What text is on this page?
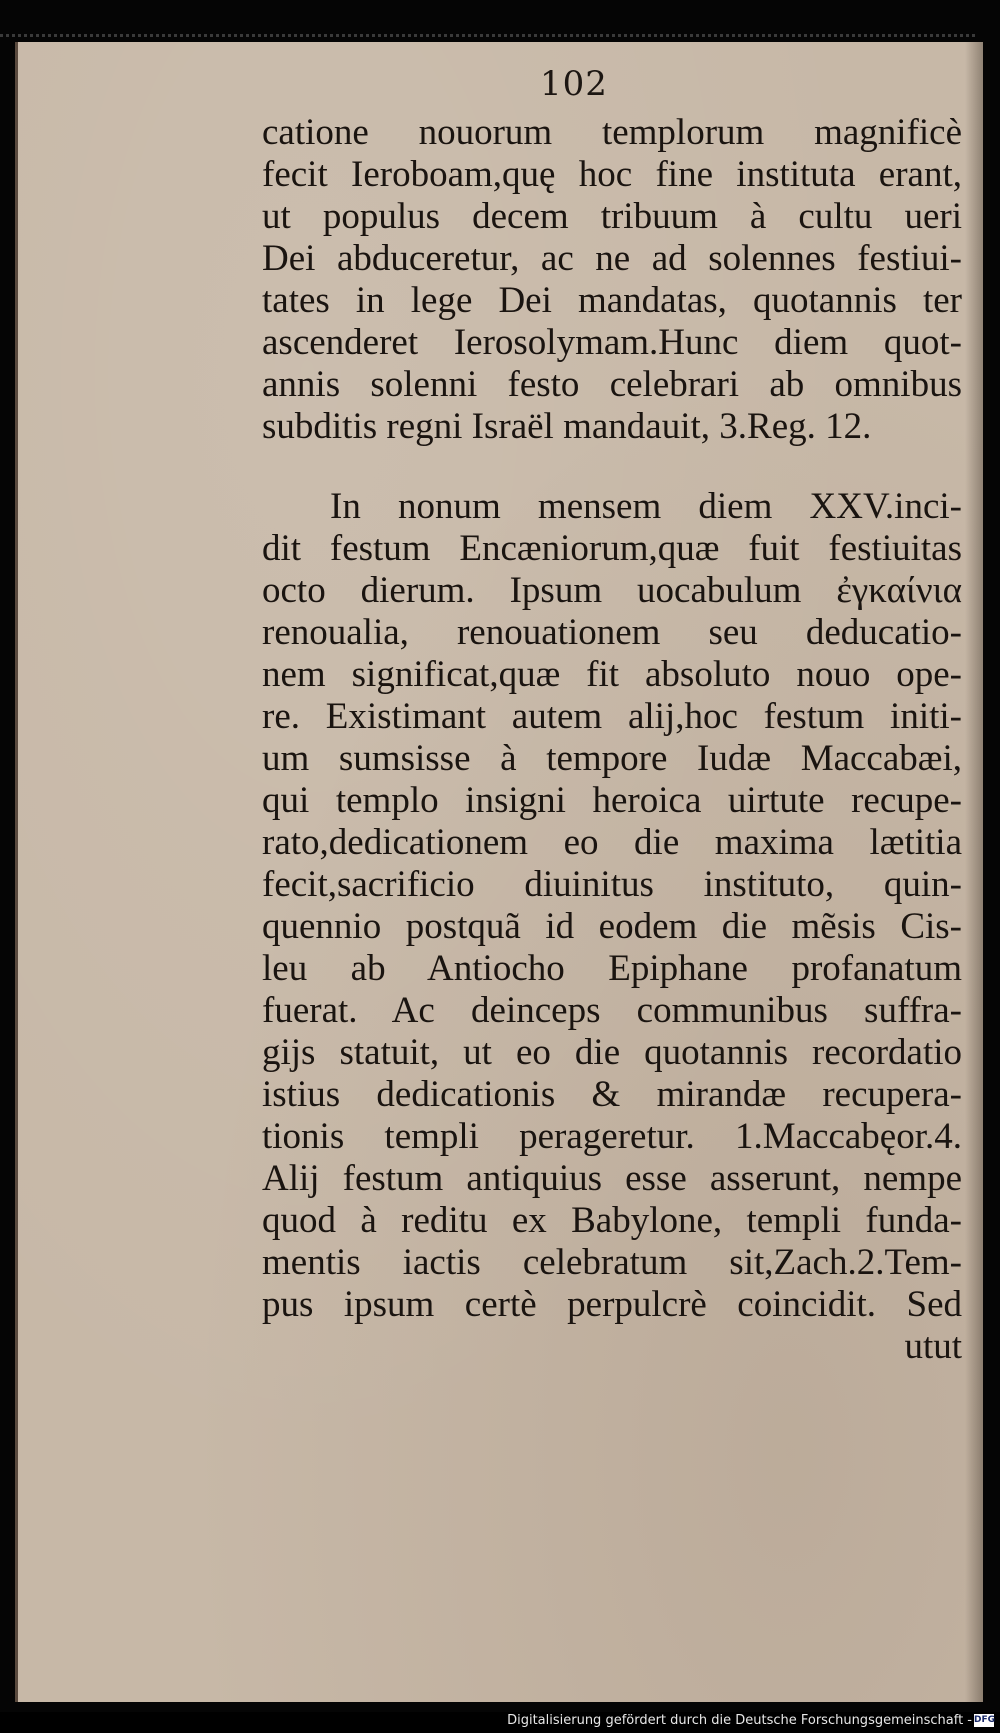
102
catione nouorum templorum magnificè
fecit Ieroboam,quę hoc fine instituta erant,
ut populus decem tribuum à cultu ueri
Dei abduceretur, ac ne ad solennes festiui-
tates in lege Dei mandatas, quotannis ter
ascenderet Ierosolymam.Hunc diem quot-
annis solenni festo celebrari ab omnibus
subditis regni Israël mandauit, 3.Reg. 12.
In nonum mensem diem XXV.inci-
dit festum Encæniorum,quæ fuit festiuitas
octo dierum. Ipsum uocabulum ἐγκαίνια
renoualia, renouationem seu deducatio-
nem significat,quæ fit absoluto nouo ope-
re. Existimant autem alij,hoc festum initi-
um sumsisse à tempore Iudæ Maccabæi,
qui templo insigni heroica uirtute recupe-
rato,dedicationem eo die maxima lætitia
fecit,sacrificio diuinitus instituto, quin-
quennio postquã id eodem die mẽsis Cis-
leu ab Antiocho Epiphane profanatum
fuerat. Ac deinceps communibus suffra-
gijs statuit, ut eo die quotannis recordatio
istius dedicationis & mirandæ recupera-
tionis templi perageretur. 1.Maccabęor.4.
Alij festum antiquius esse asserunt, nempe
quod à reditu ex Babylone, templi funda-
mentis iactis celebratum sit,Zach.2.Tem-
pus ipsum certè perpulcrè coincidit. Sed
utut
Digitalisierung gefördert durch die Deutsche Forschungsgemeinschaft - DFG
